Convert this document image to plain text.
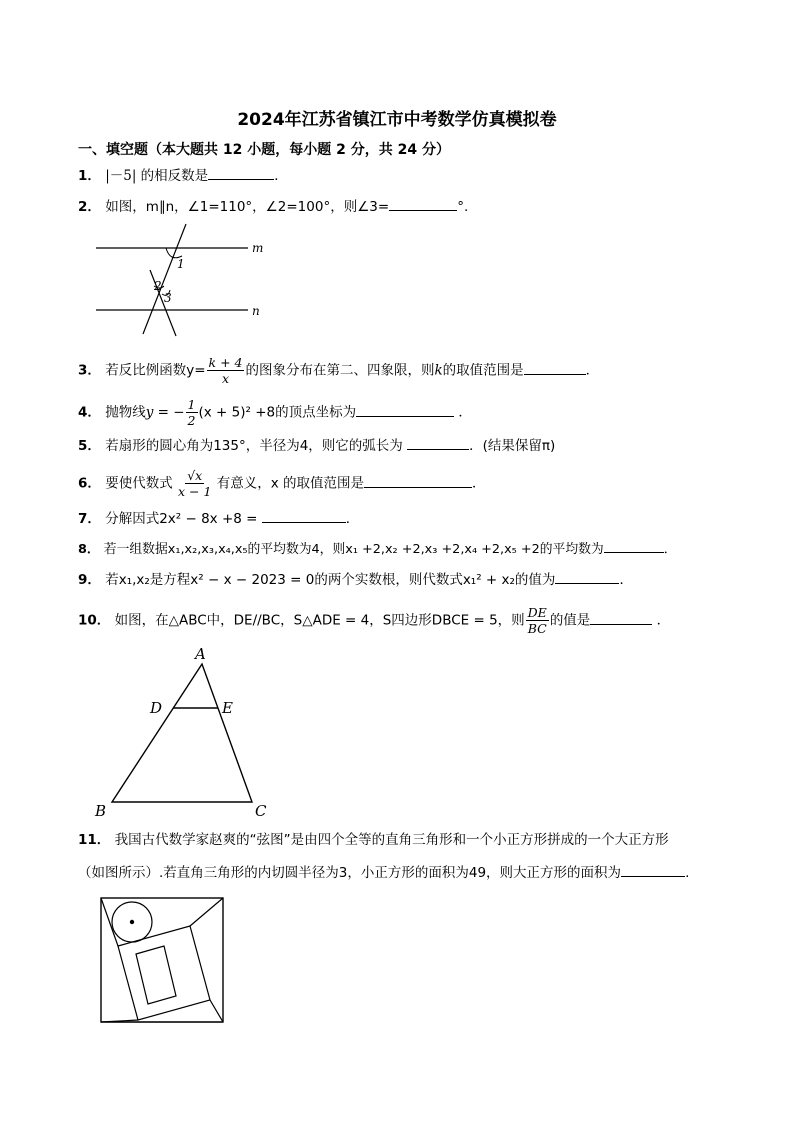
2024年江苏省镇江市中考数学仿真模拟卷
一、填空题（本大题共 12 小题，每小题 2 分，共 24 分）
1． |－5| 的相反数是	．
2． 如图，m∥n，∠1=110°，∠2=100°，则∠3=	°.
m
n
1
2
3
3． 若反比例函数$y= \frac{k + 4}{x}$ 的图象分布在第二、四象限，则k的取值范围是	．
4． 抛物线y = − $\frac{1}{2} (x + 5)^2 +8$的顶点坐标为	．
5． 若扇形的圆心角为135°，半径为4，则它的弧长为	．(结果保留π)
6． 要使代数式 $\frac{√x}{x - 1}$ 有意义，x 的取值范围是	．
7． 分解因式2x² − 8x +8 =	．
8． 若一组数据x₁,x₂,x₃,x₄,x₅的平均数为4，则x₁ +2,x₂ +2,x₃ +2,x₄ +2,x₅ +2的平均数为	．
9． 若x₁,x₂是方程x² − x − 2023 = 0的两个实数根，则代数式x₁² + x₂的值为	．
10． 如图，在△ABC中，DE//BC，S△ADE = 4，S四边形DBCE = 5，则 $\frac{DE}{BC}$ 的值是	．
A
D	E
B	C
11． 我国古代数学家赵爽的“弦图”是由四个全等的直角三角形和一个小正方形拼成的一个大正方形
（如图所示）.若直角三角形的内切圆半径为3，小正方形的面积为49，则大正方形的面积为	.
